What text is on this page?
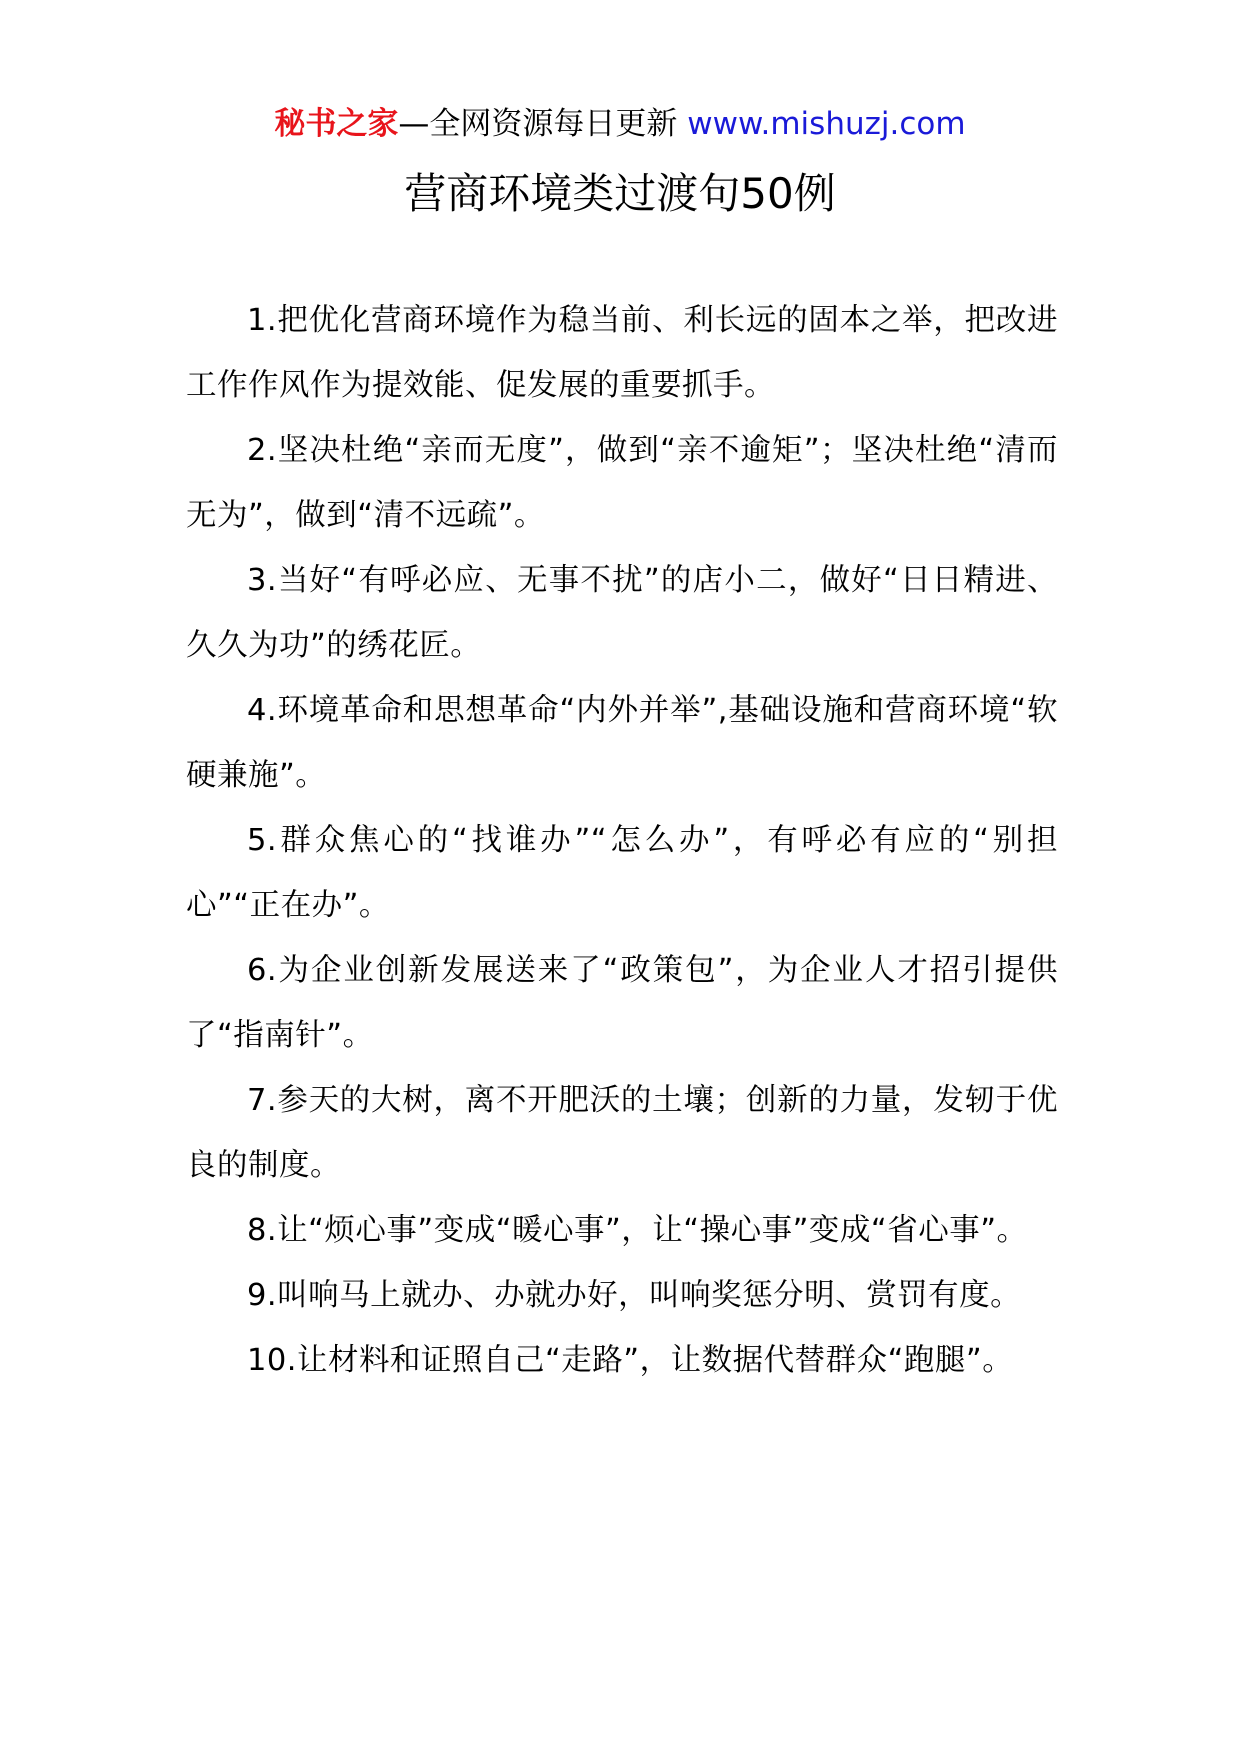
秘书之家—全网资源每日更新 www.mishuzj.com
营商环境类过渡句50例

1.把优化营商环境作为稳当前、利长远的固本之举，把改进工作作风作为提效能、促发展的重要抓手。

2.坚决杜绝“亲而无度”，做到“亲不逾矩”；坚决杜绝“清而无为”，做到“清不远疏”。

3.当好“有呼必应、无事不扰”的店小二，做好“日日精进、久久为功”的绣花匠。

4.环境革命和思想革命“内外并举”,基础设施和营商环境“软硬兼施”。

5.群众焦心的“找谁办”“怎么办”，有呼必有应的“别担心”“正在办”。

6.为企业创新发展送来了“政策包”，为企业人才招引提供了“指南针”。

7.参天的大树，离不开肥沃的土壤；创新的力量，发轫于优良的制度。

8.让“烦心事”变成“暖心事”，让“操心事”变成“省心事”。

9.叫响马上就办、办就办好，叫响奖惩分明、赏罚有度。

10.让材料和证照自己“走路”，让数据代替群众“跑腿”。
